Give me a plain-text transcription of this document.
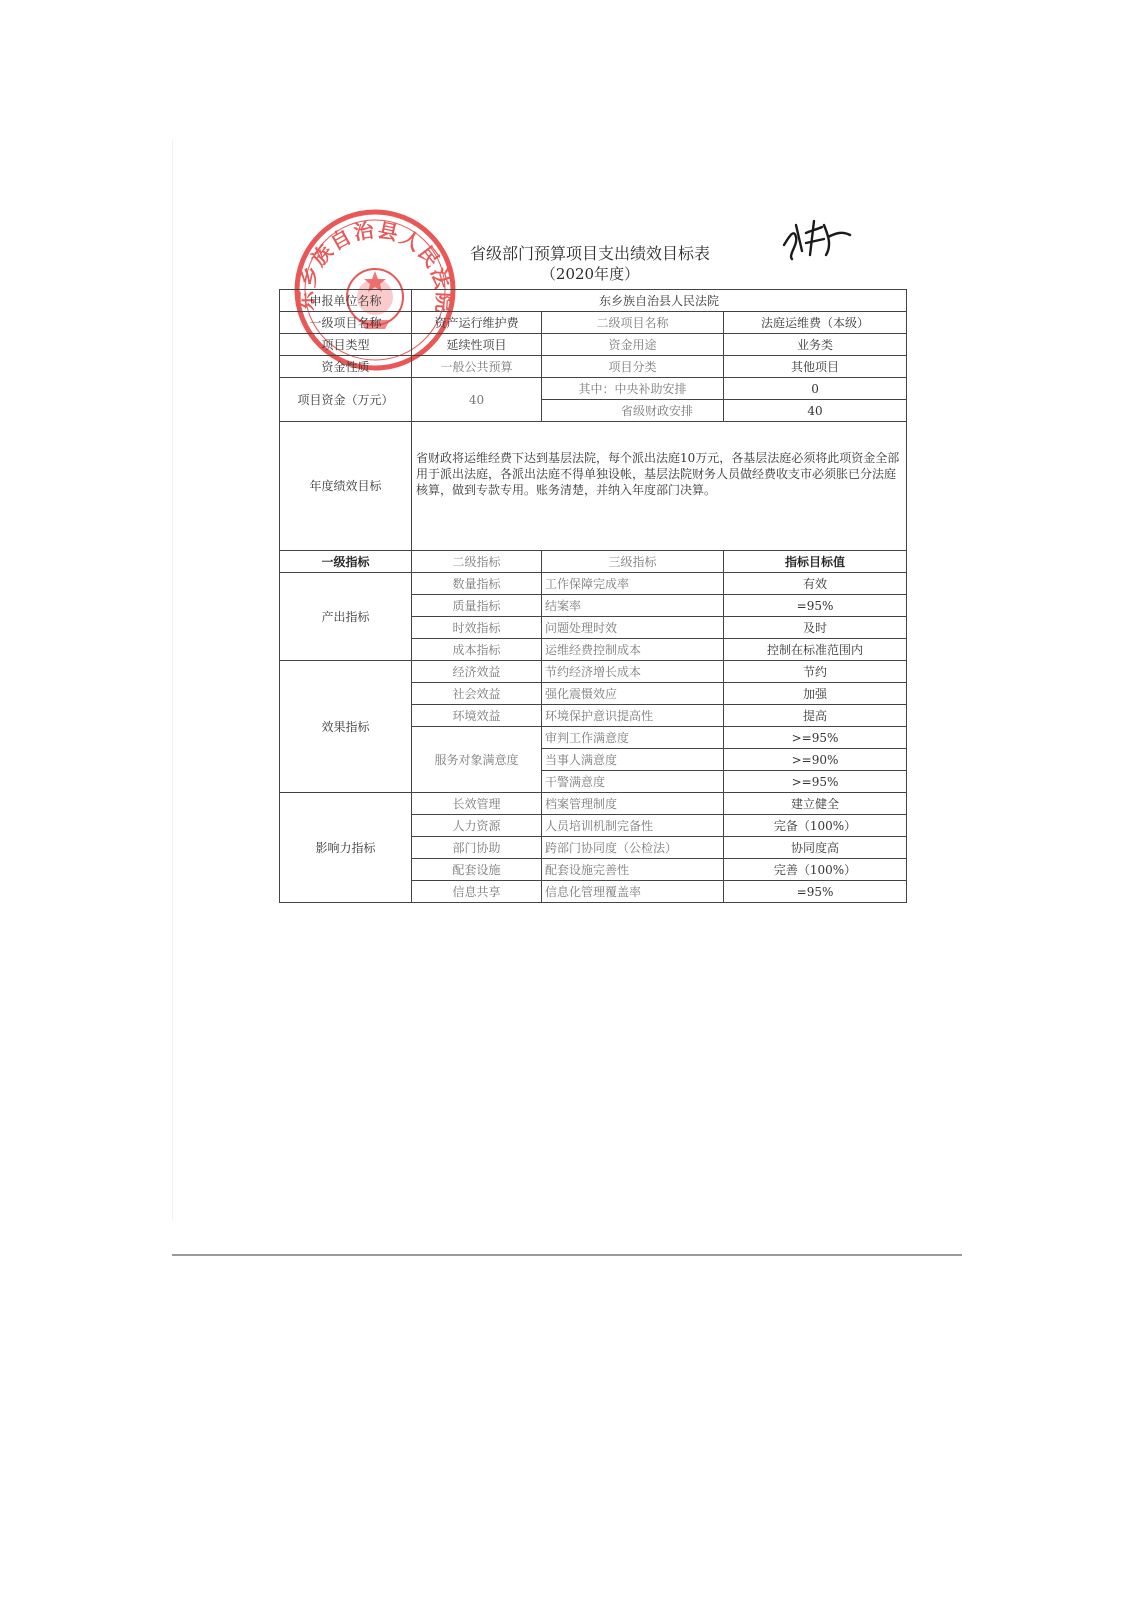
省级部门预算项目支出绩效目标表
（2020年度）
东乡族自治县人民法院
申报单位名称	东乡族自治县人民法院		
一级项目名称	资产运行维护费	二级项目名称	法庭运维费（本级）
项目类型	延续性项目	资金用途	业务类
资金性质	一般公共预算	项目分类	其他项目
项目资金（万元）	40	其中：中央补助安排	0
		省级财政安排	40
年度绩效目标	省财政将运维经费下达到基层法院，每个派出法庭10万元，各基层法庭必须将此项资金全部用于派出法庭，各派出法庭不得单独设帐，基层法院财务人员做经费收支市必须胀已分法庭核算，做到专款专用。账务清楚，并纳入年度部门决算。		
一级指标	二级指标	三级指标	指标目标值
产出指标	数量指标	工作保障完成率	有效
	质量指标	结案率	=95%
	时效指标	问题处理时效	及时
	成本指标	运维经费控制成本	控制在标准范围内
效果指标	经济效益	节约经济增长成本	节约
	社会效益	强化震慑效应	加强
	环境效益	环境保护意识提高性	提高
	服务对象满意度	审判工作满意度	>=95%
		当事人满意度	>=90%
		干警满意度	>=95%
影响力指标	长效管理	档案管理制度	建立健全
	人力资源	人员培训机制完备性	完备（100%）
	部门协助	跨部门协同度（公检法）	协同度高
	配套设施	配套设施完善性	完善（100%）
	信息共享	信息化管理覆盖率	=95%
